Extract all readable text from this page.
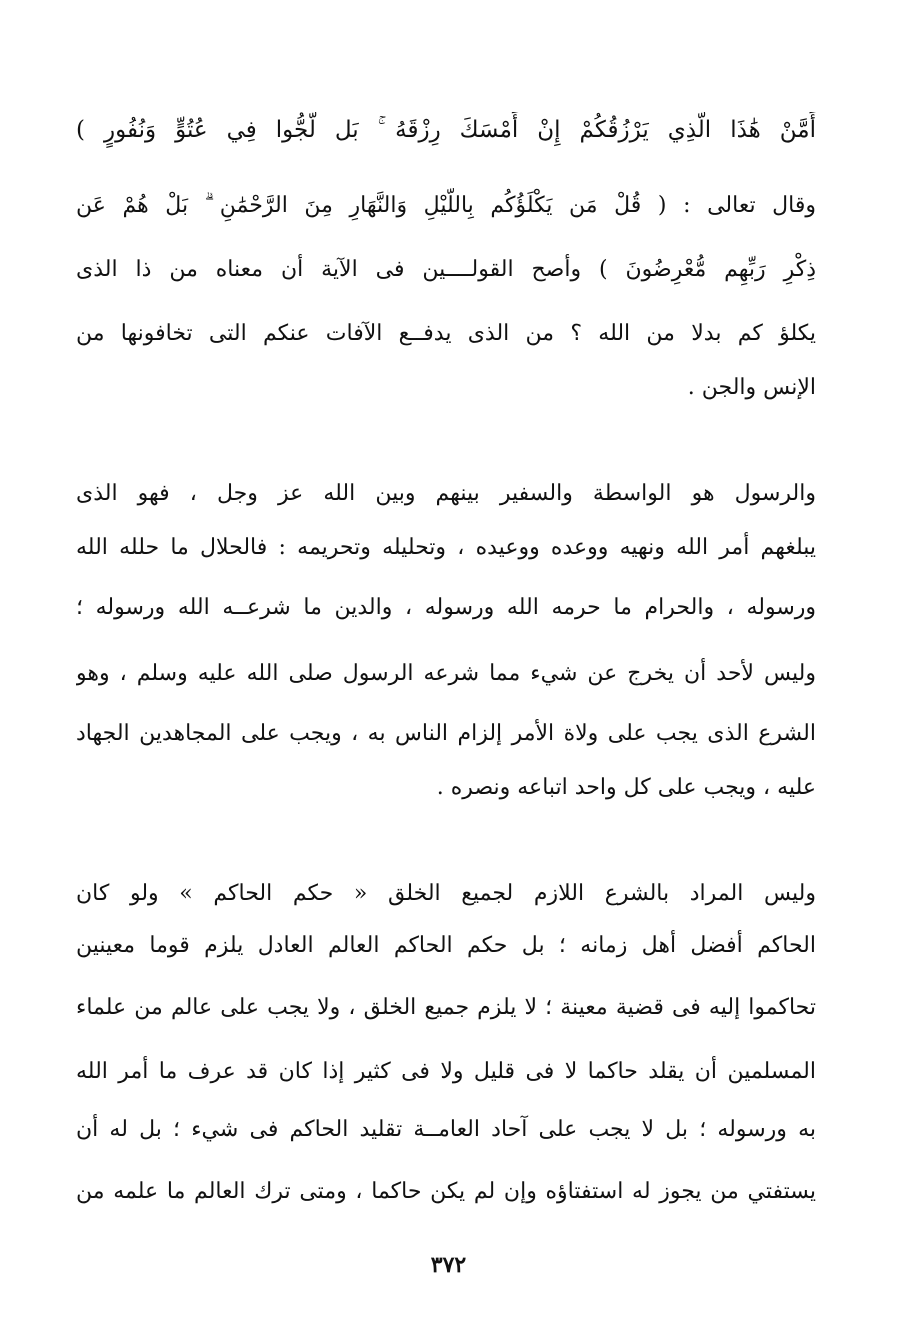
أَمَّنْ هَٰذَا الَّذِي يَرْزُقُكُمْ إِنْ أَمْسَكَ رِزْقَهُ ۚ بَل لَّجُّوا فِي عُتُوٍّ وَنُفُورٍ )
وقال تعالى : ( قُلْ مَن يَكْلَؤُكُم بِاللَّيْلِ وَالنَّهَارِ مِنَ الرَّحْمَٰنِ ۗ بَلْ هُمْ عَن
ذِكْرِ رَبِّهِم مُّعْرِضُونَ ) وأصح القولــــين فى الآية أن معناه من ذا الذى
يكلؤ كم بدلا من الله ؟ من الذى يدفــع الآفات عنكم التى تخافونها من
الإنس والجن .
والرسول هو الواسطة والسفير بينهم وبين الله عز وجل ، فهو الذى
يبلغهم أمر الله ونهيه ووعده ووعيده ، وتحليله وتحريمه : فالحلال ما حلله الله
ورسوله ، والحرام ما حرمه الله ورسوله ، والدين ما شرعــه الله ورسوله ؛
وليس لأحد أن يخرج عن شيء مما شرعه الرسول صلى الله عليه وسلم ، وهو
الشرع الذى يجب على ولاة الأمر إلزام الناس به ، ويجب على المجاهدين الجهاد
عليه ، ويجب على كل واحد اتباعه ونصره .
وليس المراد بالشرع اللازم لجميع الخلق « حكم الحاكم » ولو كان
الحاكم أفضل أهل زمانه ؛ بل حكم الحاكم العالم العادل يلزم قوما معينين
تحاكموا إليه فى قضية معينة ؛ لا يلزم جميع الخلق ، ولا يجب على عالم من علماء
المسلمين أن يقلد حاكما لا فى قليل ولا فى كثير إذا كان قد عرف ما أمر الله
به ورسوله ؛ بل لا يجب على آحاد العامــة تقليد الحاكم فى شيء ؛ بل له أن
يستفتي من يجوز له استفتاؤه وإن لم يكن حاكما ، ومتى ترك العالم ما علمه من
٣٧٢
